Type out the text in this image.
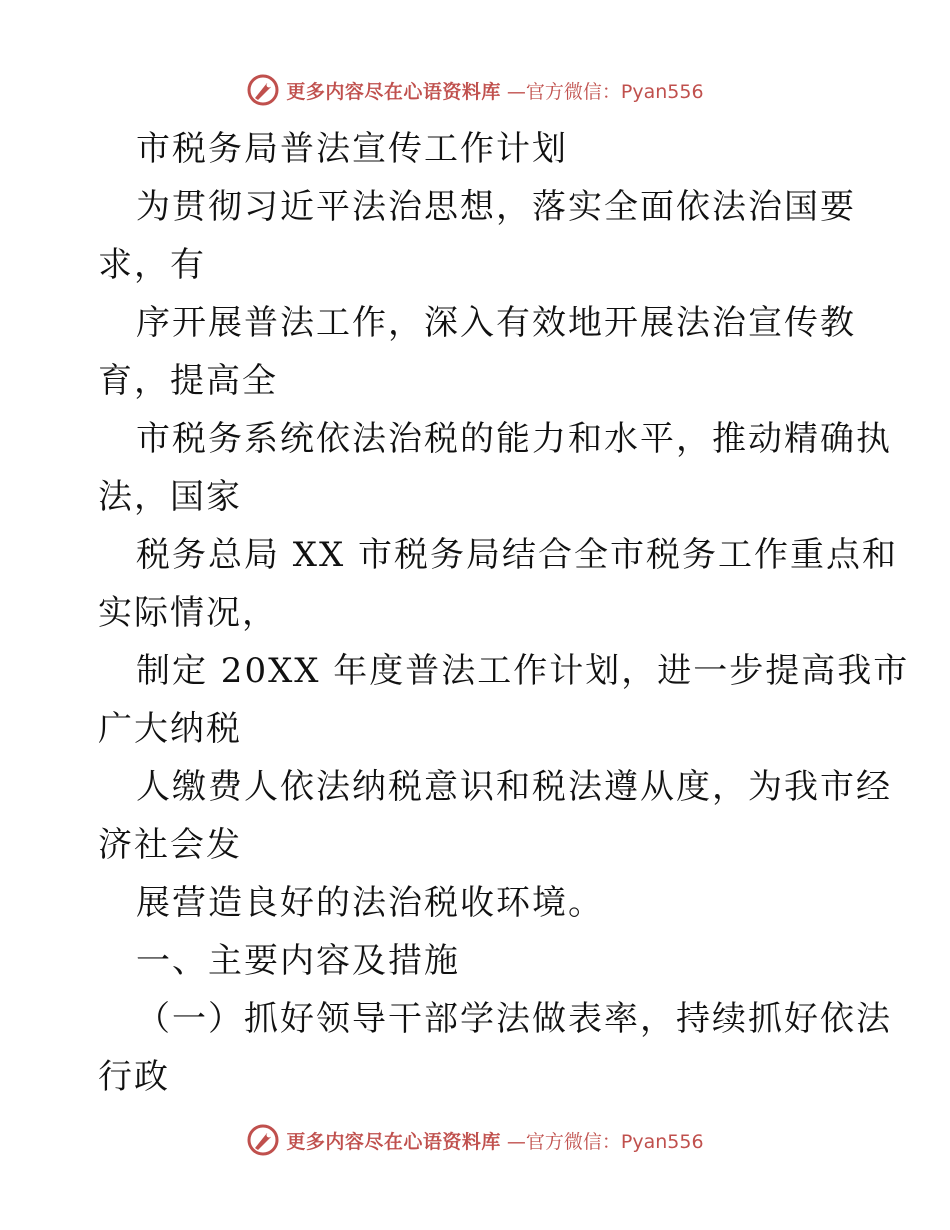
更多内容尽在心语资料库 —官方微信：Pyan556
市税务局普法宣传工作计划
为贯彻习近平法治思想，落实全面依法治国要
求，有
序开展普法工作，深入有效地开展法治宣传教
育，提高全
市税务系统依法治税的能力和水平，推动精确执
法，国家
税务总局 XX 市税务局结合全市税务工作重点和
实际情况，
制定 20XX 年度普法工作计划，进一步提高我市
广大纳税
人缴费人依法纳税意识和税法遵从度，为我市经
济社会发
展营造良好的法治税收环境。
一、主要内容及措施
（一）抓好领导干部学法做表率，持续抓好依法
行政
更多内容尽在心语资料库 —官方微信：Pyan556
